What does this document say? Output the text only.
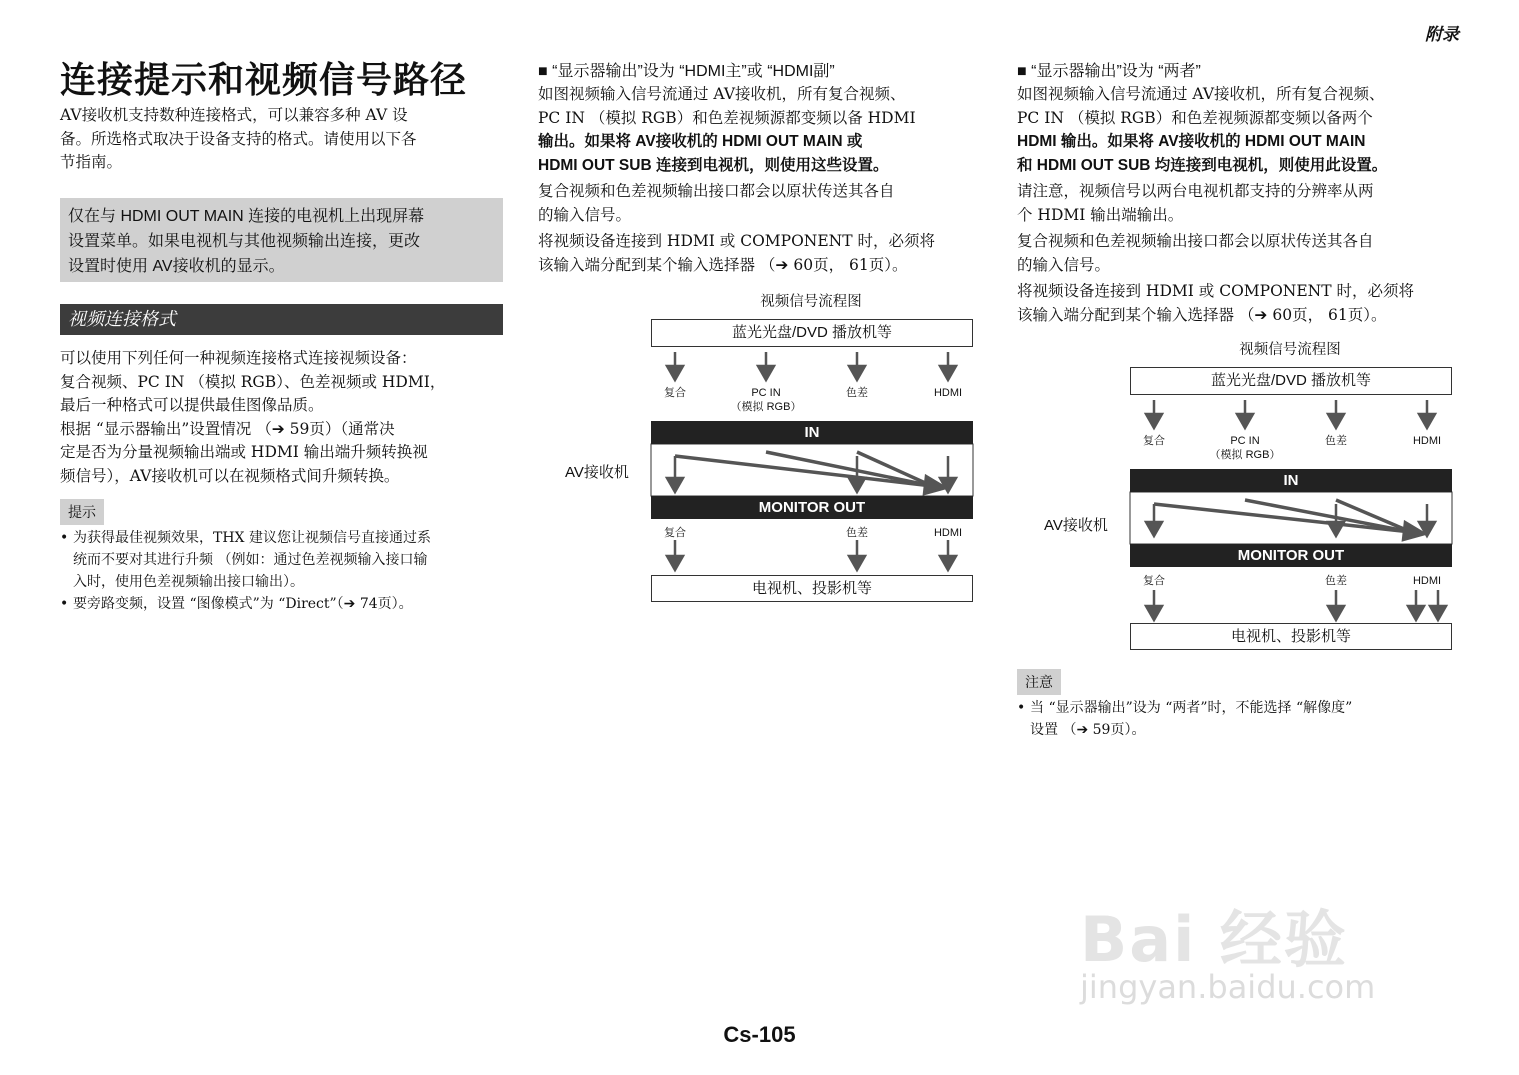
附录
连接提示和视频信号路径

AV接收机支持数种连接格式，可以兼容多种 AV 设

备。所选格式取决于设备支持的格式。请使用以下各

节指南。

仅在与 HDMI OUT MAIN 连接的电视机上出现屏幕
设置菜单。如果电视机与其他视频输出连接，更改
设置时使用 AV接收机的显示。
视频连接格式

可以使用下列任何一种视频连接格式连接视频设备：

复合视频、PC IN （模拟 RGB）、色差视频或 HDMI，

最后一种格式可以提供最佳图像品质。

根据 “显示器输出”设置情况 （➔ 59页）（通常决

定是否为分量视频输出端或 HDMI 输出端升频转换视

频信号），AV接收机可以在视频格式间升频转换。

提示
• 为获得最佳视频效果，THX 建议您让视频信号直接通过系
统而不要对其进行升频 （例如：通过色差视频输入接口输
入时，使用色差视频输出接口输出）。
• 要旁路变频，设置 “图像模式”为 “Direct”（➔ 74页）。
■ “显示器输出”设为 “HDMI主”或 “HDMI副”

如图视频输入信号流通过 AV接收机，所有复合视频、

PC IN （模拟 RGB）和色差视频源都变频以备 HDMI

输出。如果将 AV接收机的 HDMI OUT MAIN 或

HDMI OUT SUB 连接到电视机，则使用这些设置。

复合视频和色差视频输出接口都会以原状传送其各自

的输入信号。

将视频设备连接到 HDMI 或 COMPONENT 时，必须将

该输入端分配到某个输入选择器 （➔ 60页， 61页）。

视频信号流程图
蓝光光盘/DVD 播放机等
复合	PC IN
（模拟 RGB）
色差	HDMI
AV接收机
IN
MONITOR OUT
复合	色差	HDMI
电视机、投影机等
■ “显示器输出”设为 “两者”

如图视频输入信号流通过 AV接收机，所有复合视频、

PC IN （模拟 RGB）和色差视频源都变频以备两个

HDMI 输出。如果将 AV接收机的 HDMI OUT MAIN

和 HDMI OUT SUB 均连接到电视机，则使用此设置。

请注意，视频信号以两台电视机都支持的分辨率从两

个 HDMI 输出端输出。

复合视频和色差视频输出接口都会以原状传送其各自

的输入信号。

将视频设备连接到 HDMI 或 COMPONENT 时，必须将

该输入端分配到某个输入选择器 （➔ 60页， 61页）。

视频信号流程图
蓝光光盘/DVD 播放机等
复合	PC IN
（模拟 RGB）
色差	HDMI
AV接收机
IN
MONITOR OUT
复合	色差	HDMI
电视机、投影机等
注意
• 当 “显示器输出”设为 “两者”时，不能选择 “解像度”
设置 （➔ 59页）。
Bai 经验
jingyan.baidu.com
Cs-105
